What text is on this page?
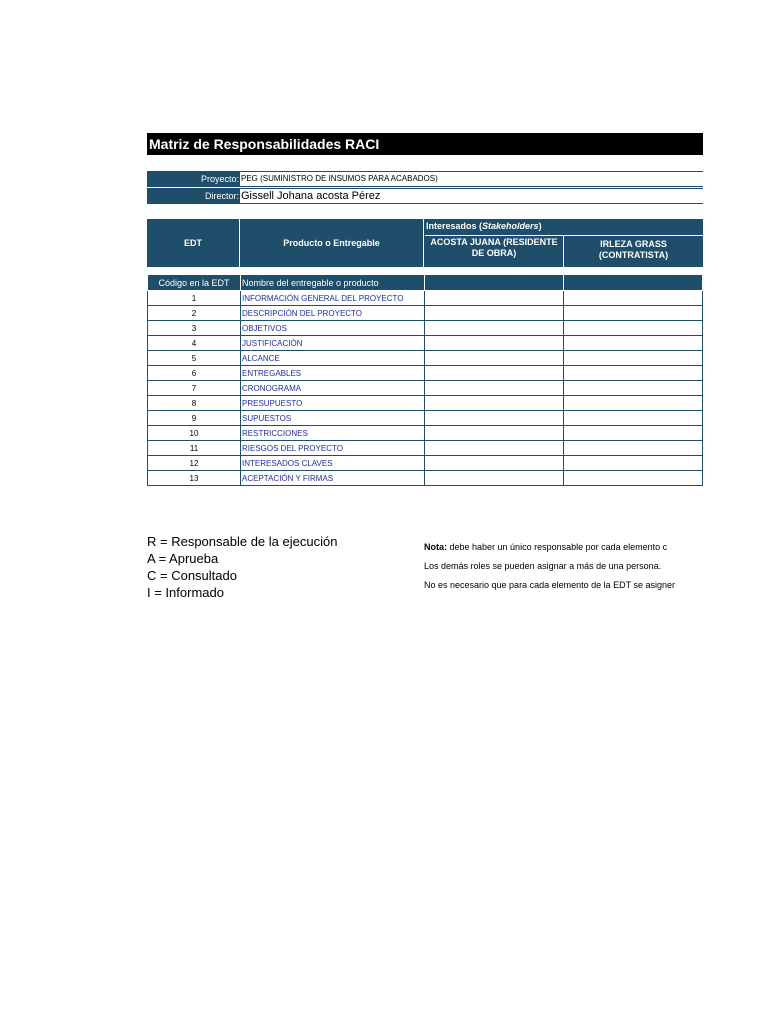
Matriz de Responsabilidades RACI
Proyecto: PEG (SUMINISTRO DE INSUMOS PARA ACABADOS)
Director: Gissell Johana acosta Pérez
EDT	Producto o Entregable
Interesados (Stakeholders)
ACOSTA JUANA (RESIDENTE
DE OBRA)
IRLEZA GRASS
(CONTRATISTA)
Código en la EDT	Nombre del entregable o producto		
1	INFORMACIÓN GENERAL DEL PROYECTO		
2	DESCRIPCIÓN DEL PROYECTO		
3	OBJETIVOS		
4	JUSTIFICACIÓN		
5	ALCANCE		
6	ENTREGABLES		
7	CRONOGRAMA		
8	PRESUPUESTO		
9	SUPUESTOS		
10	RESTRICCIONES		
11	RIESGOS DEL PROYECTO		
12	INTERESADOS CLAVES		
13	ACEPTACIÓN Y FIRMAS		
R = Responsable de la ejecución
A = Aprueba
C = Consultado
I = Informado
Nota: debe haber un único responsable por cada elemento c
Los demás roles se pueden asignar a más de una persona.
No es necesario que para cada elemento de la EDT se asigner
